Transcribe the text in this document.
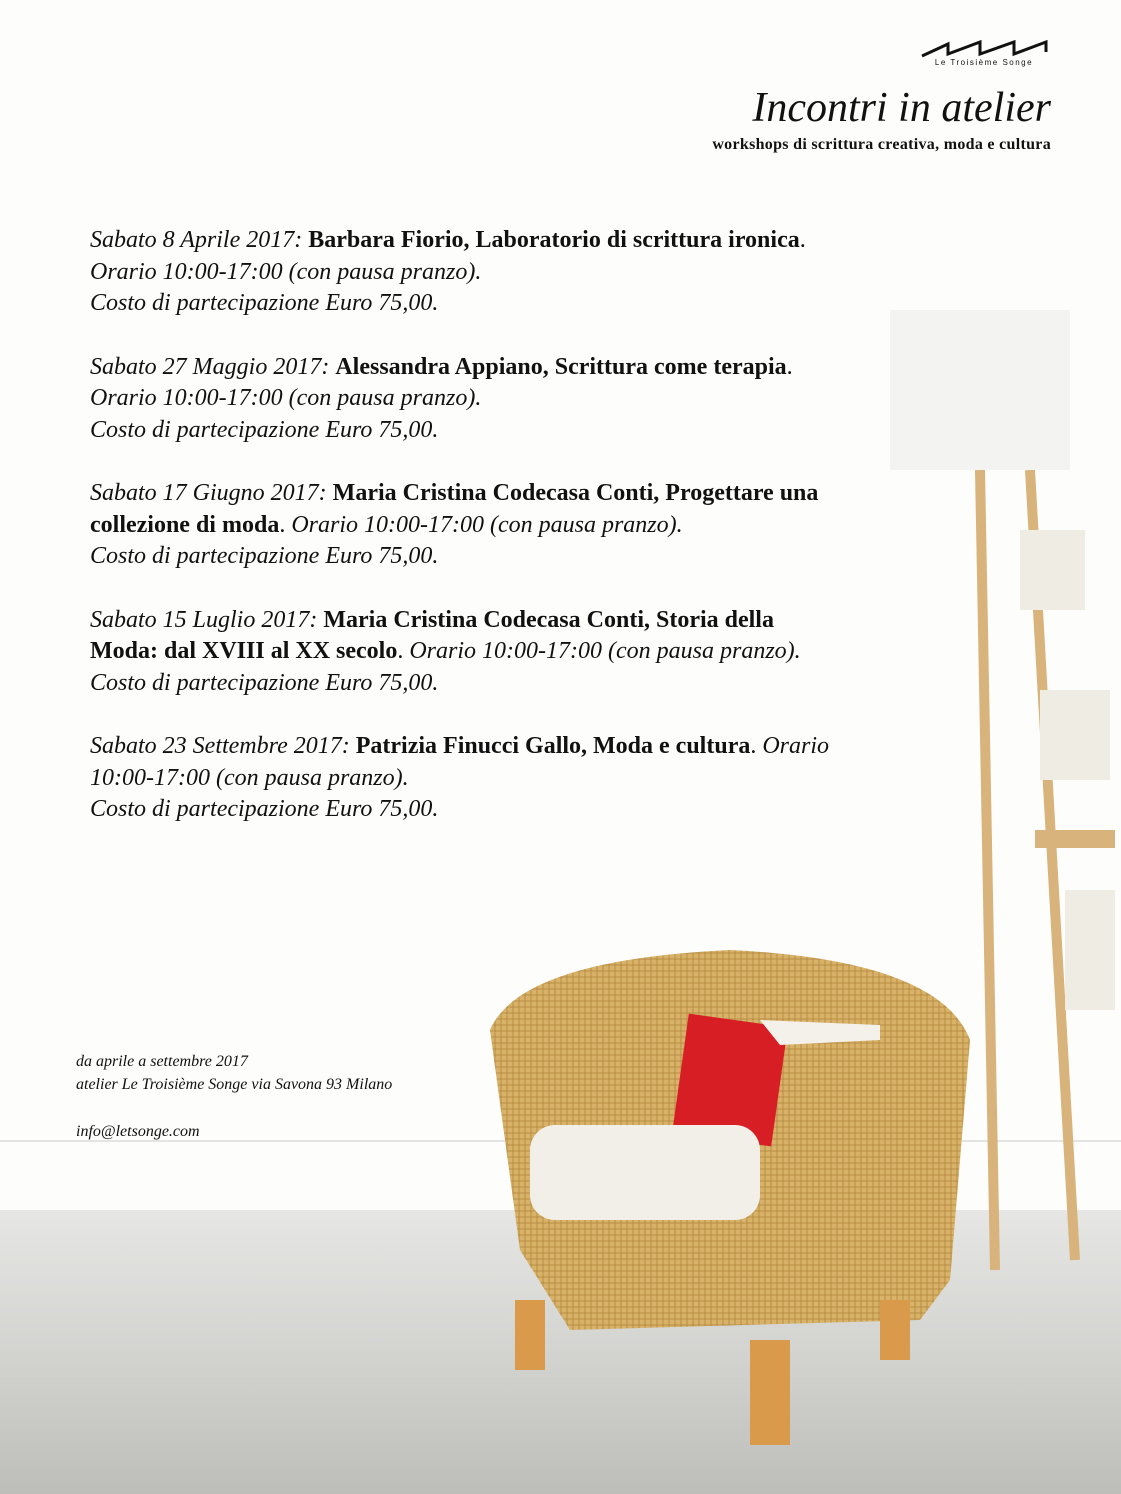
Le Troisième Songe
Incontri in atelier
workshops di scrittura creativa, moda e cultura
Sabato 8 Aprile 2017: Barbara Fiorio, Laboratorio di scrittura ironica. Orario 10:00-17:00 (con pausa pranzo).
Costo di partecipazione Euro 75,00.
Sabato 27 Maggio 2017: Alessandra Appiano, Scrittura come terapia. Orario 10:00-17:00 (con pausa pranzo).
Costo di partecipazione Euro 75,00.
Sabato 17 Giugno 2017: Maria Cristina Codecasa Conti, Progettare una collezione di moda. Orario 10:00-17:00 (con pausa pranzo).
Costo di partecipazione Euro 75,00.
Sabato 15 Luglio 2017: Maria Cristina Codecasa Conti, Storia della Moda: dal XVIII al XX secolo. Orario 10:00-17:00 (con pausa pranzo).
Costo di partecipazione Euro 75,00.
Sabato 23 Settembre 2017: Patrizia Finucci Gallo, Moda e cultura. Orario 10:00-17:00 (con pausa pranzo).
Costo di partecipazione Euro 75,00.
da aprile a settembre 2017
atelier Le Troisième Songe via Savona 93 Milano
info@letsonge.com
